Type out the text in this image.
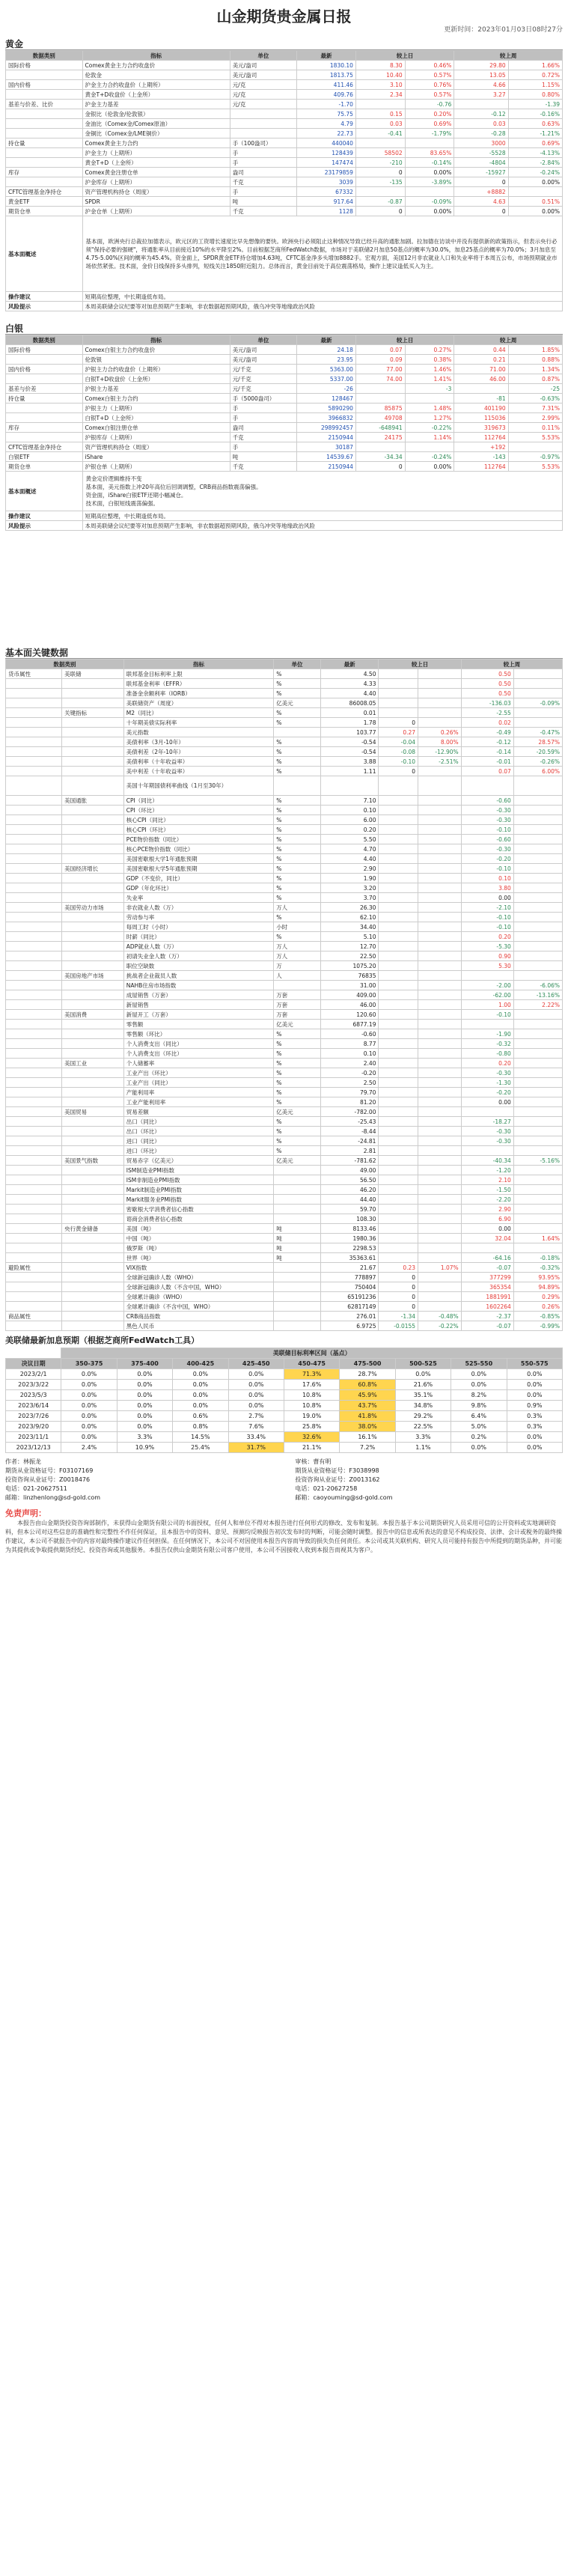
山金期货贵金属日报
更新时间：2023年01月03日08时27分
黄金
数据类别	指标	单位	最新	较上日		较上周	
国际价格	Comex黄金主力合约收盘价	美元/盎司	1830.10	8.30	0.46%	29.80	1.66%
	伦敦金	美元/盎司	1813.75	10.40	0.57%	13.05	0.72%
国内价格	沪金主力合约收盘价（上期所）	元/克	411.46	3.10	0.76%	4.66	1.15%
	黄金T+D收盘价（上金所）	元/克	409.76	2.34	0.57%	3.27	0.80%
基差与价差、比价	沪金主力基差	元/克	-1.70		-0.76		-1.39
	金银比（伦敦金/伦敦银）		75.75	0.15	0.20%	-0.12	-0.16%
	金油比（Comex金/Comex原油）		4.79	0.03	0.69%	0.03	0.63%
	金铜比（Comex金/LME铜价）		22.73	-0.41	-1.79%	-0.28	-1.21%
持仓量	Comex黄金主力合约	手（100盎司）	440040			3000	0.69%
	沪金主力（上期所）	手	128439	58502	83.65%	-5528	-4.13%
	黄金T+D（上金所）	手	147474	-210	-0.14%	-4804	-2.84%
库存	Comex黄金注册仓单	盎司	23179859	0	0.00%	-15927	-0.24%
	沪金库存（上期所）	千克	3039	-135	-3.89%	0	0.00%
CFTC管理基金净持仓	资产管理机构持仓（周度）	手	67332			+8882	
黄金ETF	SPDR	吨	917.64	-0.87	-0.09%	4.63	0.51%
期货仓单	沪金仓单（上期所）	千克	1128	0	0.00%	0	0.00%
基本面概述	基本面，欧洲央行总裁拉加德表示，欧元区的工资增长速度比早先想像的要快。欧洲央行必须阻止这种情况导致已经升高的通胀加剧。拉加德在访谈中并没有提供新的政策指示，但表示央行必须"保持必要的强硬"，将通胀率从目前接近10%的水平降至2%。目前根据芝商所FedWatch数据，市场对于美联储2月加息50基点的概率为30.0%，加息25基点的概率为70.0%；3月加息至4.75-5.00%区间的概率为45.4%。资金面上，SPDR黄金ETF持仓增加4.63吨，CFTC基金净多头增加8882手。宏观方面，美国12月非农就业人口和失业率将于本周五公布，市场预期就业市场依然紧张。技术面，金价日线保持多头排列，短线关注1850附近阻力。总体而言，黄金目前处于高位震荡格局，操作上建议逢低买入为主。						
操作建议	短期高位整理，中长期逢低布局。						
风险提示	本周美联储会议纪要等对加息预期产生影响，非农数据超预期风险，俄乌冲突等地缘政治风险						
白银
数据类别	指标	单位	最新	较上日		较上周	
国际价格	Comex白银主力合约收盘价	美元/盎司	24.18	0.07	0.27%	0.44	1.85%
	伦敦银	美元/盎司	23.95	0.09	0.38%	0.21	0.88%
国内价格	沪银主力合约收盘价（上期所）	元/千克	5363.00	77.00	1.46%	71.00	1.34%
	白银T+D收盘价（上金所）	元/千克	5337.00	74.00	1.41%	46.00	0.87%
基差与价差	沪银主力基差	元/千克	-26		-3		-25
持仓量	Comex白银主力合约	手（5000盎司）	128467			-81	-0.63%
	沪银主力（上期所）	手	5890290	85875	1.48%	401190	7.31%
	白银T+D（上金所）	手	3966832	49708	1.27%	115036	2.99%
库存	Comex白银注册仓单	盎司	298992457	-648941	-0.22%	319673	0.11%
	沪银库存（上期所）	千克	2150944	24175	1.14%	112764	5.53%
CFTC管理基金净持仓	资产管理机构持仓（周度）	手	30187			+192	
白银ETF	iShare	吨	14539.67	-34.34	-0.24%	-143	-0.97%
期货仓单	沪银仓单（上期所）	千克	2150944	0	0.00%	112764	5.53%
基本面概述	黄金定价逻辑维持不变
基本面，美元指数上冲20年高位后回调调整，CRB商品指数震荡偏强。
资金面，iShare白银ETF还期小幅减仓。
技术面，白银短线震荡偏强。						

操作建议	短期高位整理，中长期逢低布局。						
风险提示	本周美联储会议纪要等对加息预期产生影响，非农数据超预期风险，俄乌冲突等地缘政治风险						
基本面关键数据
数据类别		指标	单位	最新	较上日		较上周	
货币属性	美联储	联邦基金目标利率上限	%	4.50			0.50	
		联邦基金利率（EFFR）	%	4.33			0.50	
		准备金余额利率（IORB）	%	4.40			0.50	
		美联储资产（周度）	亿美元	86008.05			-136.03	-0.09%
	关键指标	M2（同比）	%	0.01			-2.55	
		十年期美债实际利率	%	1.78	0		0.02	
		美元指数		103.77	0.27	0.26%	-0.49	-0.47%
		美债利率（3月-10年）	%	-0.54	-0.04	8.00%	-0.12	28.57%
		美债利差（2年-10年）	%	-0.54	-0.08	-12.90%	-0.14	-20.59%
		美债利率（十年收益率）	%	3.88	-0.10	-2.51%	-0.01	-0.26%
		美中利差（十年收益率）	%	1.11	0		0.07	6.00%
		美国十年期国债利率曲线（1月至30年）						
	美国通胀	CPI（同比）	%	7.10			-0.60	
		CPI（环比）	%	0.10			-0.30	
		核心CPI（同比）	%	6.00			-0.30	
		核心CPI（环比）	%	0.20			-0.10	
		PCE物价指数（同比）	%	5.50			-0.60	
		核心PCE物价指数（同比）	%	4.70			-0.30	
		美国密歇根大学1年通胀预期	%	4.40			-0.20	
	美国经济增长	美国密歇根大学5年通胀预期	%	2.90			-0.10	
		GDP（不变价，同比）	%	1.90			0.10	
		GDP（年化环比）	%	3.20			3.80	
		失业率	%	3.70			0.00	
	美国劳动力市场	非农就业人数（万）	万人	26.30			-2.10	
		劳动参与率	%	62.10			-0.10	
		每周工时（小时）	小时	34.40			-0.10	
		时薪（同比）	%	5.10			0.20	
		ADP就业人数（万）	万人	12.70			-5.30	
		初请失业金人数（万）	万人	22.50			0.90	
		职位空缺数	万	1075.20			5.30	
	美国房地产市场	挑战者企业裁员人数	人	76835				
		NAHB住房市场指数		31.00			-2.00	-6.06%
		成屋销售（万套）	万套	409.00			-62.00	-13.16%
		新屋销售	万套	46.00			1.00	2.22%
	美国消费	新屋开工（万套）	万套	120.60			-0.10	
		零售额	亿美元	6877.19				
		零售额（环比）	%	-0.60			-1.90	
		个人消费支出（同比）	%	8.77			-0.32	
		个人消费支出（环比）	%	0.10			-0.80	
	美国工业	个人储蓄率	%	2.40			0.20	
		工业产出（环比）	%	-0.20			-0.30	
		工业产出（同比）	%	2.50			-1.30	
		产能利用率	%	79.70			-0.20	
		工业产能利用率	%	81.20			0.00	
	美国贸易	贸易差额	亿美元	-782.00				
		出口（同比）	%	-25.43			-18.27	
		出口（环比）	%	-8.44			-0.30	
		进口（同比）	%	-24.81			-0.30	
		进口（环比）	%	2.81				
	美国景气指数	贸易赤字（亿美元）	亿美元	-781.62			-40.34	-5.16%
		ISM制造业PMI指数		49.00			-1.20	
		ISM非制造业PMI指数		56.50			2.10	
		Markit制造业PMI指数		46.20			-1.50	
		Markit服务业PMI指数		44.40			-2.20	
		密歇根大学消费者信心指数		59.70			2.90	
		谘商会消费者信心指数		108.30			6.90	
	央行黄金储备	美国（吨）	吨	8133.46			0.00	
		中国（吨）	吨	1980.36			32.04	1.64%
		俄罗斯（吨）	吨	2298.53				
		世界（吨）	吨	35363.61			-64.16	-0.18%
避险属性		VIX指数		21.67	0.23	1.07%	-0.07	-0.32%
		全球新冠确诊人数（WHO）		778897	0		377299	93.95%
		全球新冠确诊人数（不含中国，WHO）		750404	0		365354	94.89%
		全球累计确诊（WHO）		65191236	0		1881991	0.29%
		全球累计确诊（不含中国，WHO）		62817149	0		1602264	0.26%
商品属性		CRB商品指数		276.01	-1.34	-0.48%	-2.37	-0.85%
		黑色人民币		6.9725	-0.0155	-0.22%	-0.07	-0.99%
美联储最新加息预期（根据芝商所FedWatch工具）
	美联储目标利率区间（基点）								
决议日期	350-375	375-400	400-425	425-450	450-475	475-500	500-525	525-550	550-575
2023/2/1	0.0%	0.0%	0.0%	0.0%	71.3%	28.7%	0.0%	0.0%	0.0%
2023/3/22	0.0%	0.0%	0.0%	0.0%	17.6%	60.8%	21.6%	0.0%	0.0%
2023/5/3	0.0%	0.0%	0.0%	0.0%	10.8%	45.9%	35.1%	8.2%	0.0%
2023/6/14	0.0%	0.0%	0.0%	0.0%	10.8%	43.7%	34.8%	9.8%	0.9%
2023/7/26	0.0%	0.0%	0.6%	2.7%	19.0%	41.8%	29.2%	6.4%	0.3%
2023/9/20	0.0%	0.0%	0.8%	7.6%	25.8%	38.0%	22.5%	5.0%	0.3%
2023/11/1	0.0%	3.3%	14.5%	33.4%	32.6%	16.1%	3.3%	0.2%	0.0%
2023/12/13	2.4%	10.9%	25.4%	31.7%	21.1%	7.2%	1.1%	0.0%	0.0%
作者：林振龙
期货从业资格证号：F03107169
投资咨询从业证号：Z0018476
电话：021-20627511
邮箱：linzhenlong@sd-gold.com
审核：曹有明
期货从业资格证号：F3038998
投资咨询从业证号：Z0013162
电话：021-20627258
邮箱：caoyouming@sd-gold.com
免责声明：
本报告由山金期货投资咨询部制作，未获得山金期货有限公司的书面授权，任何人和单位不得对本报告进行任何形式的修改、发布和复制。本报告基于本公司期货研究人员采用可信的公开资料或实地调研资料，但本公司对这些信息的准确性和完整性不作任何保证，且本报告中的资料、意见、预测均反映报告初次发布时的判断，可能会随时调整。报告中的信息或所表达的意见不构成投资、法律、会计或税务的最终操作建议，本公司不就报告中的内容对最终操作建议作任何担保。在任何情况下，本公司不对因使用本报告内容而导致的损失负任何责任。本公司或其关联机构、研究人员可能持有报告中所提到的期货品种，并可能为其提供或争取提供期货经纪、投资咨询或其他服务。本报告仅供山金期货有限公司客户使用，本公司不因接收人收到本报告而视其为客户。
